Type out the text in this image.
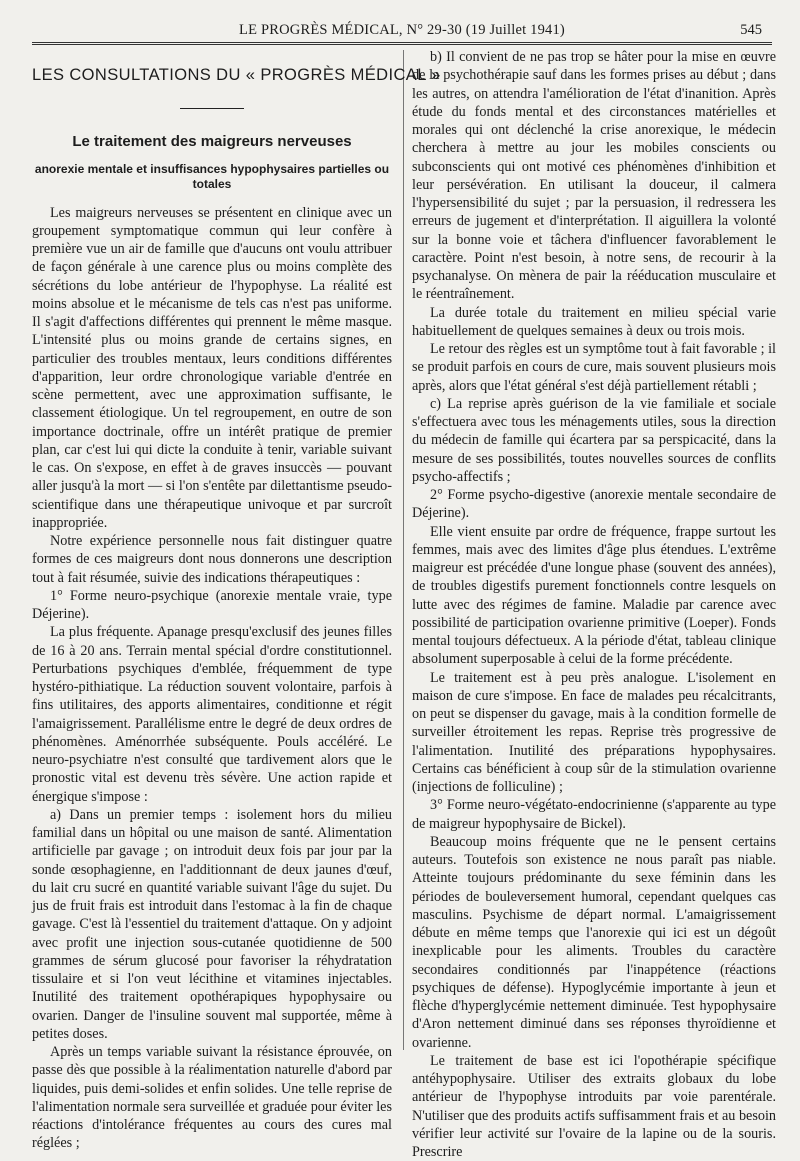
LE PROGRÈS MÉDICAL, N° 29-30 (19 Juillet 1941)	545
LES CONSULTATIONS DU « PROGRÈS MÉDICAL »
Le traitement des maigreurs nerveuses
anorexie mentale et insuffisances hypophysaires partielles ou totales

Les maigreurs nerveuses se présentent en clinique avec un groupement symptomatique commun qui leur confère à première vue un air de famille que d'aucuns ont voulu attribuer de façon générale à une carence plus ou moins complète des sécrétions du lobe antérieur de l'hypophyse. La réalité est moins absolue et le mécanisme de tels cas n'est pas uniforme. Il s'agit d'affections différentes qui prennent le même masque. L'intensité plus ou moins grande de certains signes, en particulier des troubles mentaux, leurs conditions différentes d'apparition, leur ordre chronologique variable d'entrée en scène permettent, avec une approximation suffisante, le classement étiologique. Un tel regroupement, en outre de son importance doctrinale, offre un intérêt pratique de premier plan, car c'est lui qui dicte la conduite à tenir, variable suivant le cas. On s'expose, en effet à de graves insuccès — pouvant aller jusqu'à la mort — si l'on s'entête par dilettantisme pseudo-scientifique dans une thérapeutique univoque et par surcroît inappropriée.

Notre expérience personnelle nous fait distinguer quatre formes de ces maigreurs dont nous donnerons une description tout à fait résumée, suivie des indications thérapeutiques :

1° Forme neuro-psychique (anorexie mentale vraie, type Déjerine).

La plus fréquente. Apanage presqu'exclusif des jeunes filles de 16 à 20 ans. Terrain mental spécial d'ordre constitutionnel. Perturbations psychiques d'emblée, fréquemment de type hystéro-pithiatique. La réduction souvent volontaire, parfois à fins utilitaires, des apports alimentaires, conditionne et régit l'amaigrissement. Parallélisme entre le degré de deux ordres de phénomènes. Aménorrhée subséquente. Pouls accéléré. Le neuro-psychiatre n'est consulté que tardivement alors que le pronostic vital est devenu très sévère. Une action rapide et énergique s'impose :

a) Dans un premier temps : isolement hors du milieu familial dans un hôpital ou une maison de santé. Alimentation artificielle par gavage ; on introduit deux fois par jour par la sonde œsophagienne, en l'additionnant de deux jaunes d'œuf, du lait cru sucré en quantité variable suivant l'âge du sujet. Du jus de fruit frais est introduit dans l'estomac à la fin de chaque gavage. C'est là l'essentiel du traitement d'attaque. On y adjoint avec profit une injection sous-cutanée quotidienne de 500 grammes de sérum glucosé pour favoriser la réhydratation tissulaire et si l'on veut lécithine et vitamines injectables. Inutilité des traitement opothérapiques hypophysaire ou ovarien. Danger de l'insuline souvent mal supportée, même à petites doses.

Après un temps variable suivant la résistance éprouvée, on passe dès que possible à la réalimentation naturelle d'abord par liquides, puis demi-solides et enfin solides. Une telle reprise de l'alimentation normale sera surveillée et graduée pour éviter les réactions d'intolérance fréquentes au cours des cures mal réglées ;

b) Il convient de ne pas trop se hâter pour la mise en œuvre de la psychothérapie sauf dans les formes prises au début ; dans les autres, on attendra l'amélioration de l'état d'inanition. Après étude du fonds mental et des circonstances matérielles et morales qui ont déclenché la crise anorexique, le médecin cherchera à mettre au jour les mobiles conscients ou subconscients qui ont motivé ces phénomènes d'inhibition et leur persévération. En utilisant la douceur, il calmera l'hypersensibilité du sujet ; par la persuasion, il redressera les erreurs de jugement et d'interprétation. Il aiguillera la volonté sur la bonne voie et tâchera d'influencer favorablement le caractère. Point n'est besoin, à notre sens, de recourir à la psychanalyse. On mènera de pair la rééducation musculaire et le réentraînement.

La durée totale du traitement en milieu spécial varie habituellement de quelques semaines à deux ou trois mois.

Le retour des règles est un symptôme tout à fait favorable ; il se produit parfois en cours de cure, mais souvent plusieurs mois après, alors que l'état général s'est déjà partiellement rétabli ;

c) La reprise après guérison de la vie familiale et sociale s'effectuera avec tous les ménagements utiles, sous la direction du médecin de famille qui écartera par sa perspicacité, dans la mesure de ses possibilités, toutes nouvelles sources de conflits psycho-affectifs ;

2° Forme psycho-digestive (anorexie mentale secondaire de Déjerine).

Elle vient ensuite par ordre de fréquence, frappe surtout les femmes, mais avec des limites d'âge plus étendues. L'extrême maigreur est précédée d'une longue phase (souvent des années), de troubles digestifs purement fonctionnels contre lesquels on lutte avec des régimes de famine. Maladie par carence avec possibilité de participation ovarienne primitive (Loeper). Fonds mental toujours défectueux. A la période d'état, tableau clinique absolument superposable à celui de la forme précédente.

Le traitement est à peu près analogue. L'isolement en maison de cure s'impose. En face de malades peu récalcitrants, on peut se dispenser du gavage, mais à la condition formelle de surveiller étroitement les repas. Reprise très progressive de l'alimentation. Inutilité des préparations hypophysaires. Certains cas bénéficient à coup sûr de la stimulation ovarienne (injections de folliculine) ;

3° Forme neuro-végétato-endocrinienne (s'apparente au type de maigreur hypophysaire de Bickel).

Beaucoup moins fréquente que ne le pensent certains auteurs. Toutefois son existence ne nous paraît pas niable. Atteinte toujours prédominante du sexe féminin dans les périodes de bouleversement humoral, cependant quelques cas masculins. Psychisme de départ normal. L'amaigrissement débute en même temps que l'anorexie qui ici est un dégoût inexplicable pour les aliments. Troubles du caractère secondaires conditionnés par l'inappétence (réactions psychiques de défense). Hypoglycémie importante à jeun et flèche d'hyperglycémie nettement diminuée. Test hypophysaire d'Aron nettement diminué dans ses réponses thyroïdienne et ovarienne.

Le traitement de base est ici l'opothérapie spécifique antéhypophysaire. Utiliser des extraits globaux du lobe antérieur de l'hypophyse introduits par voie parentérale. N'utiliser que des produits actifs suffisamment frais et au besoin vérifier leur activité sur l'ovaire de la lapine ou de la souris. Prescrire
